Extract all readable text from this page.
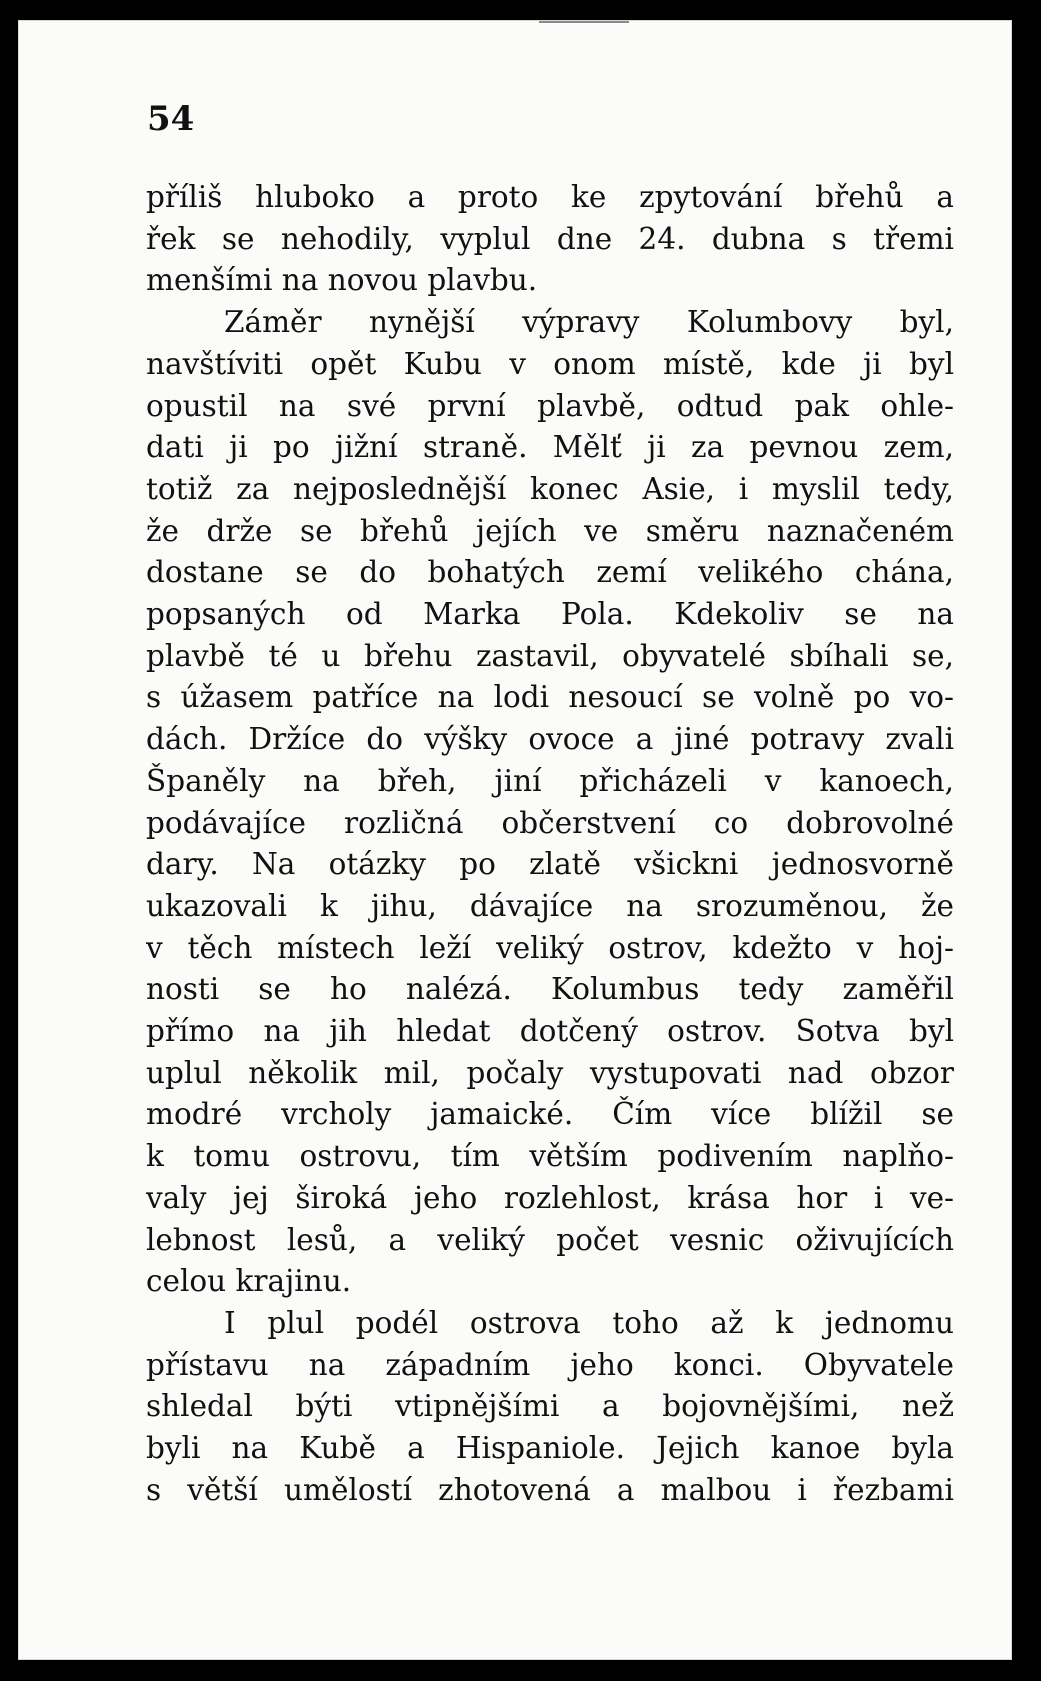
54
příliš hluboko a proto ke zpytování břehů a
řek se nehodily, vyplul dne 24. dubna s třemi
menšími na novou plavbu.
Záměr nynější výpravy Kolumbovy byl,
navštíviti opět Kubu v onom místě, kde ji byl
opustil na své první plavbě, odtud pak ohle-
dati ji po jižní straně. Mělť ji za pevnou zem,
totiž za nejposlednější konec Asie, i myslil tedy,
že drže se břehů jejích ve směru naznačeném
dostane se do bohatých zemí velikého chána,
popsaných od Marka Pola. Kdekoliv se na
plavbě té u břehu zastavil, obyvatelé sbíhali se,
s úžasem patříce na lodi nesoucí se volně po vo-
dách. Držíce do výšky ovoce a jiné potravy zvali
Španěly na břeh, jiní přicházeli v kanoech,
podávajíce rozličná občerstvení co dobrovolné
dary. Na otázky po zlatě všickni jednosvorně
ukazovali k jihu, dávajíce na srozuměnou, že
v těch místech leží veliký ostrov, kdežto v hoj-
nosti se ho nalézá. Kolumbus tedy zaměřil
přímo na jih hledat dotčený ostrov. Sotva byl
uplul několik mil, počaly vystupovati nad obzor
modré vrcholy jamaické. Čím více blížil se
k tomu ostrovu, tím větším podivením naplňo-
valy jej široká jeho rozlehlost, krása hor i ve-
lebnost lesů, a veliký počet vesnic oživujících
celou krajinu.
I plul podél ostrova toho až k jednomu
přístavu na západním jeho konci. Obyvatele
shledal býti vtipnějšími a bojovnějšími, než
byli na Kubě a Hispaniole. Jejich kanoe byla
s větší umělostí zhotovená a malbou i řezbami
